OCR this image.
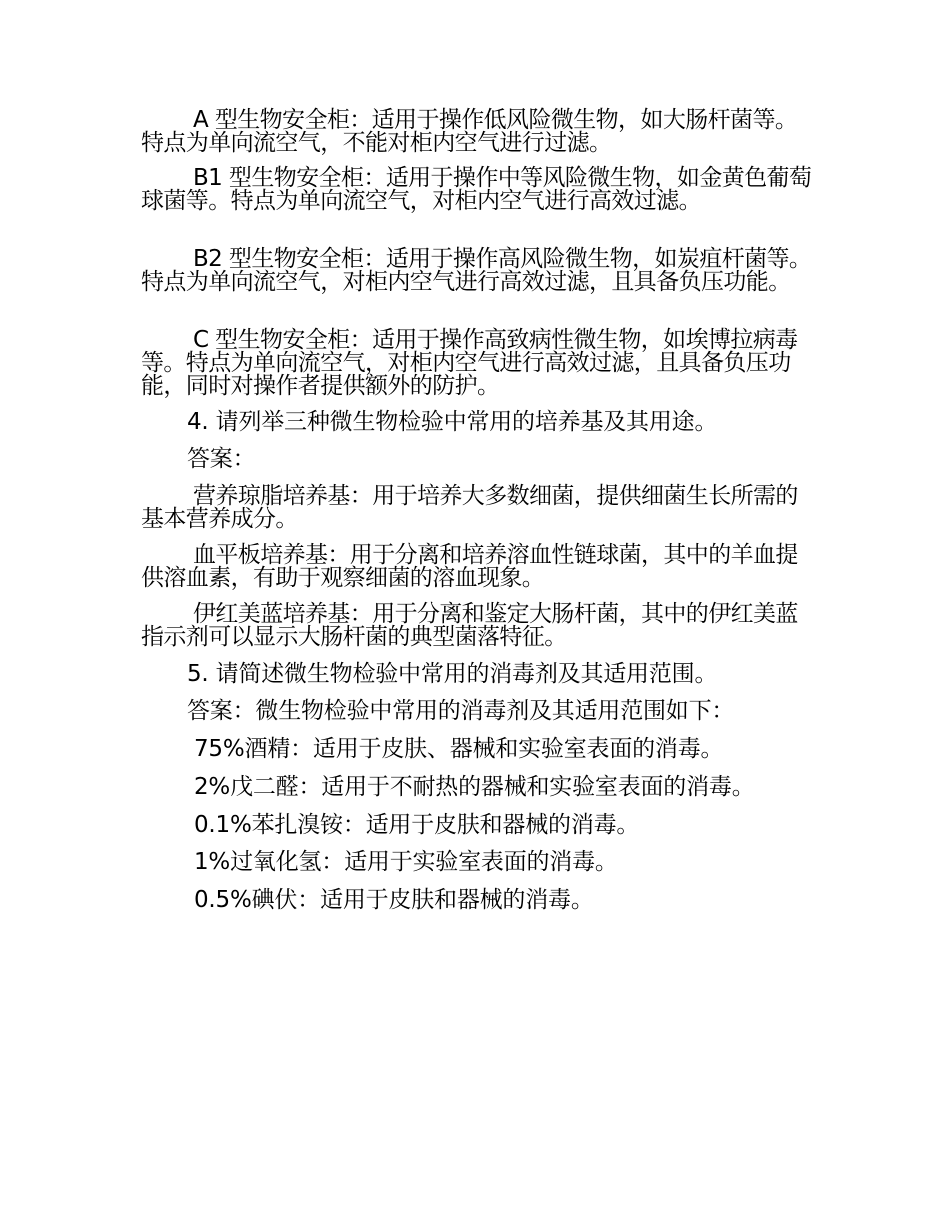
A 型生物安全柜：适用于操作低风险微生物，如大肠杆菌等。特点为单向流空气，不能对柜内空气进行过滤。

B1 型生物安全柜：适用于操作中等风险微生物，如金黄色葡萄球菌等。特点为单向流空气，对柜内空气进行高效过滤。

B2 型生物安全柜：适用于操作高风险微生物，如炭疽杆菌等。特点为单向流空气，对柜内空气进行高效过滤，且具备负压功能。

C 型生物安全柜：适用于操作高致病性微生物，如埃博拉病毒等。特点为单向流空气，对柜内空气进行高效过滤，且具备负压功能，同时对操作者提供额外的防护。

4. 请列举三种微生物检验中常用的培养基及其用途。

答案：

营养琼脂培养基：用于培养大多数细菌，提供细菌生长所需的基本营养成分。

血平板培养基：用于分离和培养溶血性链球菌，其中的羊血提供溶血素，有助于观察细菌的溶血现象。

伊红美蓝培养基：用于分离和鉴定大肠杆菌，其中的伊红美蓝指示剂可以显示大肠杆菌的典型菌落特征。

5. 请简述微生物检验中常用的消毒剂及其适用范围。

答案：微生物检验中常用的消毒剂及其适用范围如下：

75%酒精：适用于皮肤、器械和实验室表面的消毒。

2%戊二醛：适用于不耐热的器械和实验室表面的消毒。

0.1%苯扎溴铵：适用于皮肤和器械的消毒。

1%过氧化氢：适用于实验室表面的消毒。

0.5%碘伏：适用于皮肤和器械的消毒。
